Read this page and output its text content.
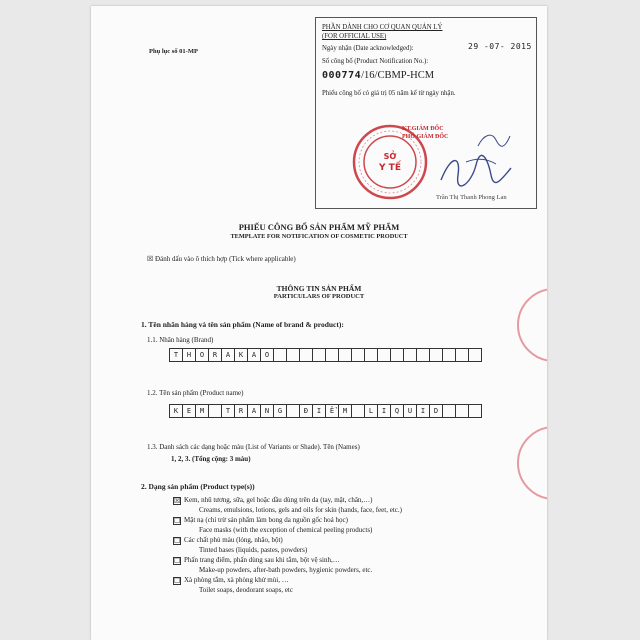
Phụ lục số 01-MP
PHẦN DÀNH CHO CƠ QUAN QUẢN LÝ
(FOR OFFICIAL USE)
Ngày nhận (Date acknowledged):	29 -07- 2015
Số công bố (Product Notification No.):
000774/16/CBMP-HCM
Phiếu công bố có giá trị 05 năm kể từ ngày nhận.
KT.GIÁM ĐỐC
PHÓ GIÁM ĐỐC
SỞ
Y TẾ
Trần Thị Thanh Phong Lan
PHIẾU CÔNG BỐ SẢN PHẨM MỸ PHẨM
TEMPLATE FOR NOTIFICATION OF COSMETIC PRODUCT
☒ Đánh dấu vào ô thích hợp (Tick where applicable)
THÔNG TIN SẢN PHẨM
PARTICULARS OF PRODUCT
1. Tên nhãn hàng và tên sản phẩm (Name of brand & product):
1.1. Nhãn hàng (Brand)
T	H	O	R	A	K	A	O
1.2. Tên sản phẩm (Product name)
K	E	M	T	R	A	N	G	Đ	I	Ể	M	L	I	Q	U	I	D
1.3. Danh sách các dạng hoặc màu (List of Variants or Shade). Tên (Names)
1, 2, 3. (Tổng cộng: 3 màu)
2. Dạng sản phẩm (Product type(s))
☒ Kem, nhũ tương, sữa, gel hoặc dầu dùng trên da (tay, mặt, chân,…)
Creams, emulsions, lotions, gels and oils for skin (hands, face, feet, etc.)
☐ Mặt nạ (chỉ trừ sản phẩm làm bong da nguồn gốc hoá học)
Face masks (with the exception of chemical peeling products)
☐ Các chất phủ màu (lỏng, nhão, bột)
Tinted bases (liquids, pastes, powders)
☐ Phấn trang điểm, phấn dùng sau khi tắm, bột vệ sinh,…
Make-up powders, after-bath powders, hygienic powders, etc.
☐ Xà phòng tắm, xà phòng khử mùi, …
Toilet soaps, deodorant soaps, etc
